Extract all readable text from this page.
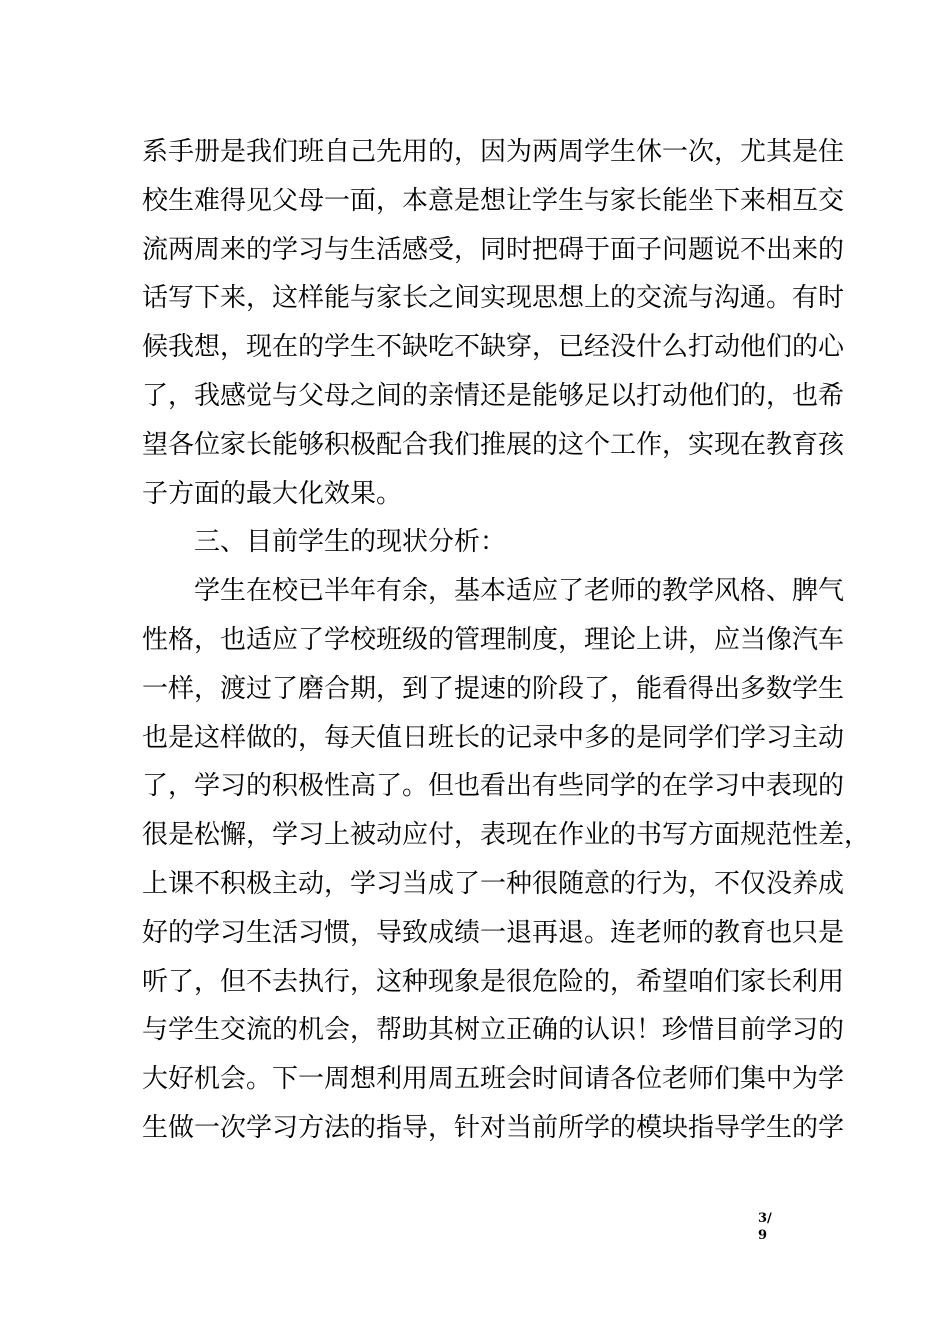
系手册是我们班自己先用的，因为两周学生休一次，尤其是住
校生难得见父母一面，本意是想让学生与家长能坐下来相互交
流两周来的学习与生活感受，同时把碍于面子问题说不出来的
话写下来，这样能与家长之间实现思想上的交流与沟通。有时
候我想，现在的学生不缺吃不缺穿，已经没什么打动他们的心
了，我感觉与父母之间的亲情还是能够足以打动他们的，也希
望各位家长能够积极配合我们推展的这个工作，实现在教育孩
子方面的最大化效果。
三、目前学生的现状分析：
学生在校已半年有余，基本适应了老师的教学风格、脾气
性格，也适应了学校班级的管理制度，理论上讲，应当像汽车
一样，渡过了磨合期，到了提速的阶段了，能看得出多数学生
也是这样做的，每天值日班长的记录中多的是同学们学习主动
了，学习的积极性高了。但也看出有些同学的在学习中表现的
很是松懈，学习上被动应付，表现在作业的书写方面规范性差，
上课不积极主动，学习当成了一种很随意的行为，不仅没养成
好的学习生活习惯，导致成绩一退再退。连老师的教育也只是
听了，但不去执行，这种现象是很危险的，希望咱们家长利用
与学生交流的机会，帮助其树立正确的认识！珍惜目前学习的
大好机会。下一周想利用周五班会时间请各位老师们集中为学
生做一次学习方法的指导，针对当前所学的模块指导学生的学
3/
9
